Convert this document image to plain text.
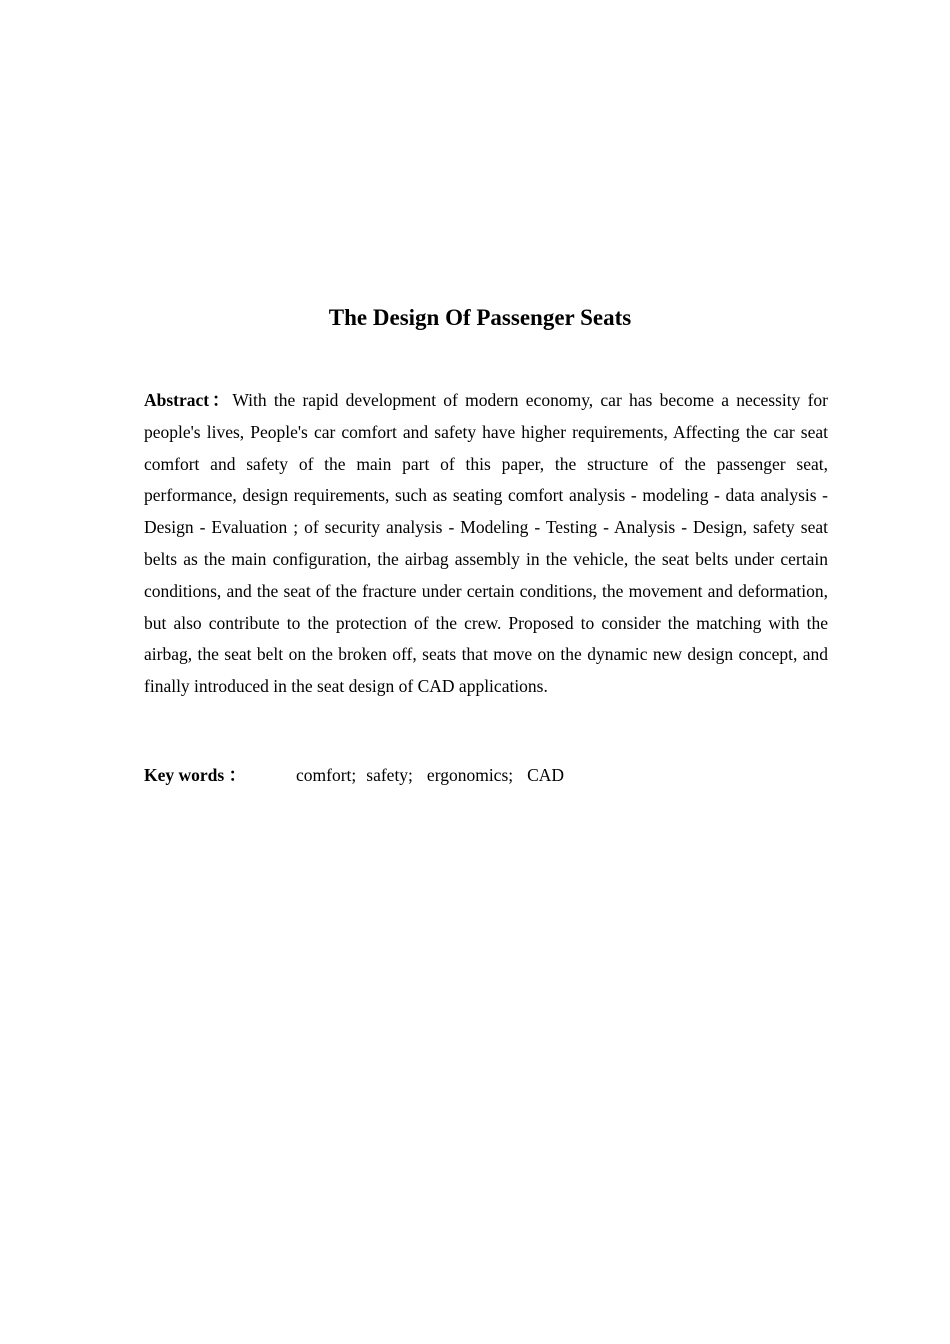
The Design Of Passenger Seats

Abstract：With the rapid development of modern economy, car has become a necessity for people's lives, People's car comfort and safety have higher requirements, Affecting the car seat comfort and safety of the main part of this paper, the structure of the passenger seat, performance, design requirements, such as seating comfort analysis - modeling - data analysis - Design - Evaluation ; of security analysis - Modeling - Testing - Analysis - Design, safety seat belts as the main configuration, the airbag assembly in the vehicle, the seat belts under certain conditions, and the seat of the fracture under certain conditions, the movement and deformation, but also contribute to the protection of the crew. Proposed to consider the matching with the airbag, the seat belt on the broken off, seats that move on the dynamic new design concept, and finally introduced in the seat design of CAD applications.

Key words ：	comfort; safety; ergonomics; CAD
